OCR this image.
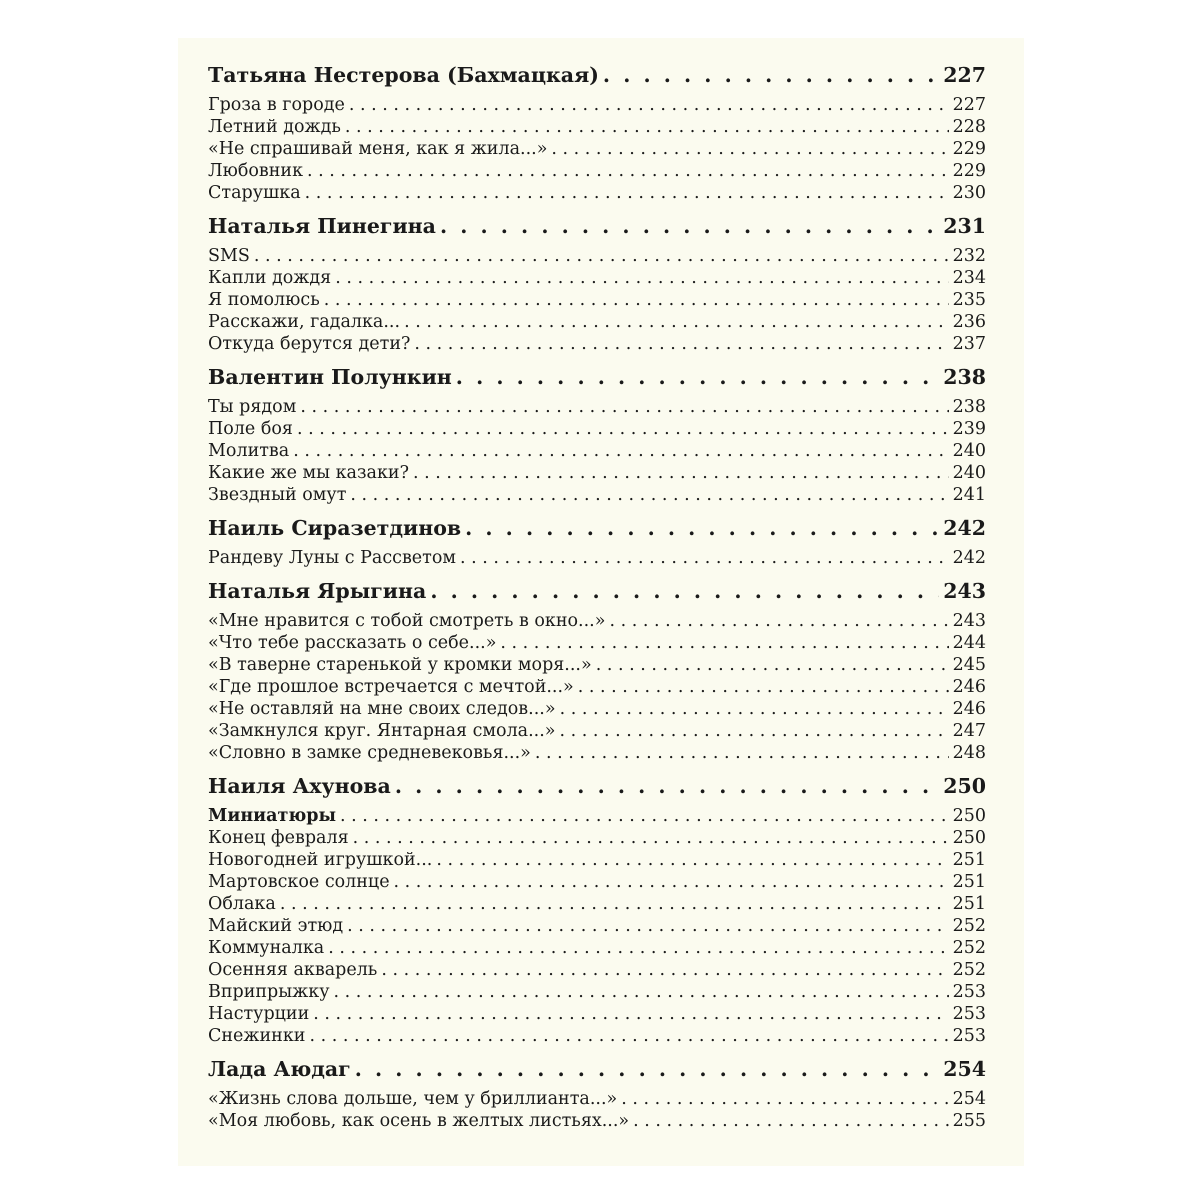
Татьяна Нестерова (Бахмацкая) . . .	227
Гроза в городе . . .	227
Летний дождь . . .	228
«Не спрашивай меня, как я жила...» . . .	229
Любовник . . .	229
Старушка . . .	230
Наталья Пинегина . . .	231
SMS . . .	232
Капли дождя . . .	234
Я помолюсь . . .	235
Расскажи, гадалка... . . .	236
Откуда берутся дети? . . .	237
Валентин Полункин . . .	238
Ты рядом . . .	238
Поле боя . . .	239
Молитва . . .	240
Какие же мы казаки? . . .	240
Звездный омут . . .	241
Наиль Сиразетдинов . . .	242
Рандеву Луны с Рассветом . . .	242
Наталья Ярыгина . . .	243
«Мне нравится с тобой смотреть в окно...» . . .	243
«Что тебе рассказать о себе...» . . .	244
«В таверне старенькой у кромки моря...» . . .	245
«Где прошлое встречается с мечтой...» . . .	246
«Не оставляй на мне своих следов...» . . .	246
«Замкнулся круг. Янтарная смола...» . . .	247
«Словно в замке средневековья...» . . .	248
Наиля Ахунова . . .	250
Миниатюры . . .	250
Конец февраля . . .	250
Новогодней игрушкой... . . .	251
Мартовское солнце . . .	251
Облака . . .	251
Майский этюд . . .	252
Коммуналка . . .	252
Осенняя акварель . . .	252
Вприпрыжку . . .	253
Настурции . . .	253
Снежинки . . .	253
Лада Аюдаг . . .	254
«Жизнь слова дольше, чем у бриллианта...» . . .	254
«Моя любовь, как осень в желтых листьях...» . . .	255
